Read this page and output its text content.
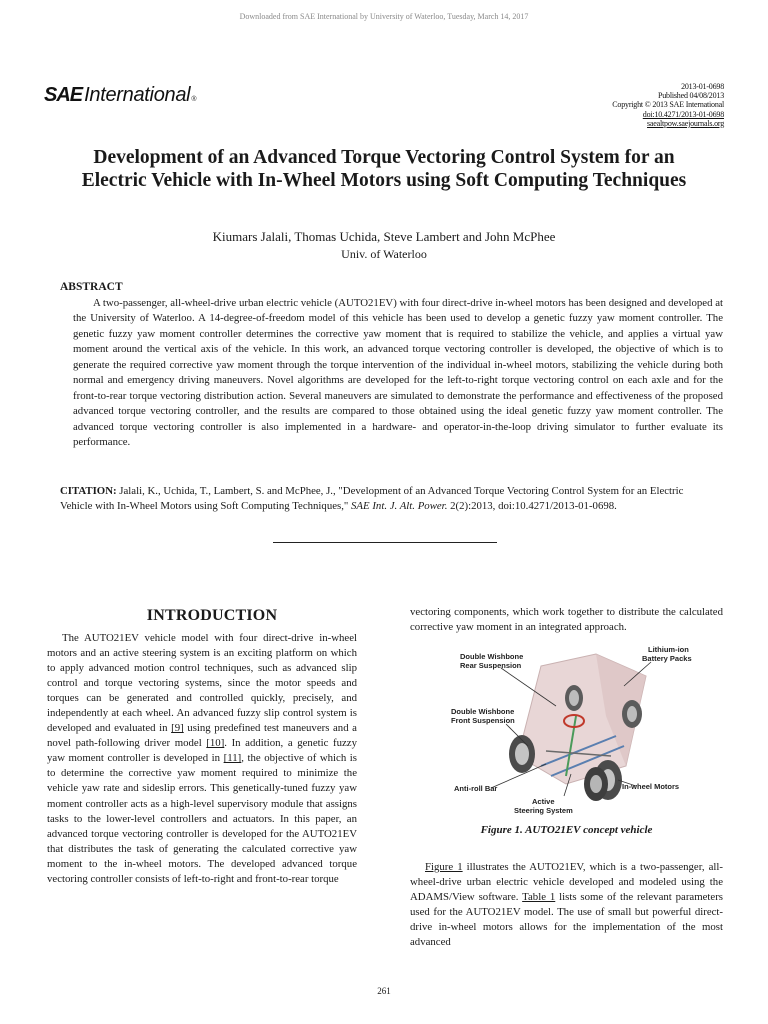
Downloaded from SAE International by University of Waterloo, Tuesday, March 14, 2017
SAE International ®
2013-01-0698
Published 04/08/2013
Copyright © 2013 SAE International
doi:10.4271/2013-01-0698
saealtpow.saejournals.org
Development of an Advanced Torque Vectoring Control System for an Electric Vehicle with In-Wheel Motors using Soft Computing Techniques
Kiumars Jalali, Thomas Uchida, Steve Lambert and John McPhee
Univ. of Waterloo
ABSTRACT
A two-passenger, all-wheel-drive urban electric vehicle (AUTO21EV) with four direct-drive in-wheel motors has been designed and developed at the University of Waterloo. A 14-degree-of-freedom model of this vehicle has been used to develop a genetic fuzzy yaw moment controller. The genetic fuzzy yaw moment controller determines the corrective yaw moment that is required to stabilize the vehicle, and applies a virtual yaw moment around the vertical axis of the vehicle. In this work, an advanced torque vectoring controller is developed, the objective of which is to generate the required corrective yaw moment through the torque intervention of the individual in-wheel motors, stabilizing the vehicle during both normal and emergency driving maneuvers. Novel algorithms are developed for the left-to-right torque vectoring control on each axle and for the front-to-rear torque vectoring distribution action. Several maneuvers are simulated to demonstrate the performance and effectiveness of the proposed advanced torque vectoring controller, and the results are compared to those obtained using the ideal genetic fuzzy yaw moment controller. The advanced torque vectoring controller is also implemented in a hardware- and operator-in-the-loop driving simulator to further evaluate its performance.
CITATION: Jalali, K., Uchida, T., Lambert, S. and McPhee, J., "Development of an Advanced Torque Vectoring Control System for an Electric Vehicle with In-Wheel Motors using Soft Computing Techniques," SAE Int. J. Alt. Power. 2(2):2013, doi:10.4271/2013-01-0698.
INTRODUCTION
The AUTO21EV vehicle model with four direct-drive in-wheel motors and an active steering system is an exciting platform on which to apply advanced motion control techniques, such as advanced slip control and torque vectoring systems, since the motor speeds and torques can be generated and controlled quickly, precisely, and independently at each wheel. An advanced fuzzy slip control system is developed and evaluated in [9] using predefined test maneuvers and a novel path-following driver model [10]. In addition, a genetic fuzzy yaw moment controller is developed in [11], the objective of which is to determine the corrective yaw moment required to minimize the vehicle yaw rate and sideslip errors. This genetically-tuned fuzzy yaw moment controller acts as a high-level supervisory module that assigns tasks to the lower-level controllers and actuators. In this paper, an advanced torque vectoring controller is developed for the AUTO21EV that distributes the task of generating the calculated corrective yaw moment to the in-wheel motors. The developed advanced torque vectoring controller consists of left-to-right and front-to-rear torque
vectoring components, which work together to distribute the calculated corrective yaw moment in an integrated approach.
Double Wishbone
Rear Suspension
Lithium-ion
Battery Packs
Double Wishbone
Front Suspension
Anti-roll Bar
Active
Steering System
In-wheel Motors
Figure 1. AUTO21EV concept vehicle
Figure 1 illustrates the AUTO21EV, which is a two-passenger, all-wheel-drive urban electric vehicle developed and modeled using the ADAMS/View software. Table 1 lists some of the relevant parameters used for the AUTO21EV model. The use of small but powerful direct-drive in-wheel motors allows for the implementation of the most advanced
261
